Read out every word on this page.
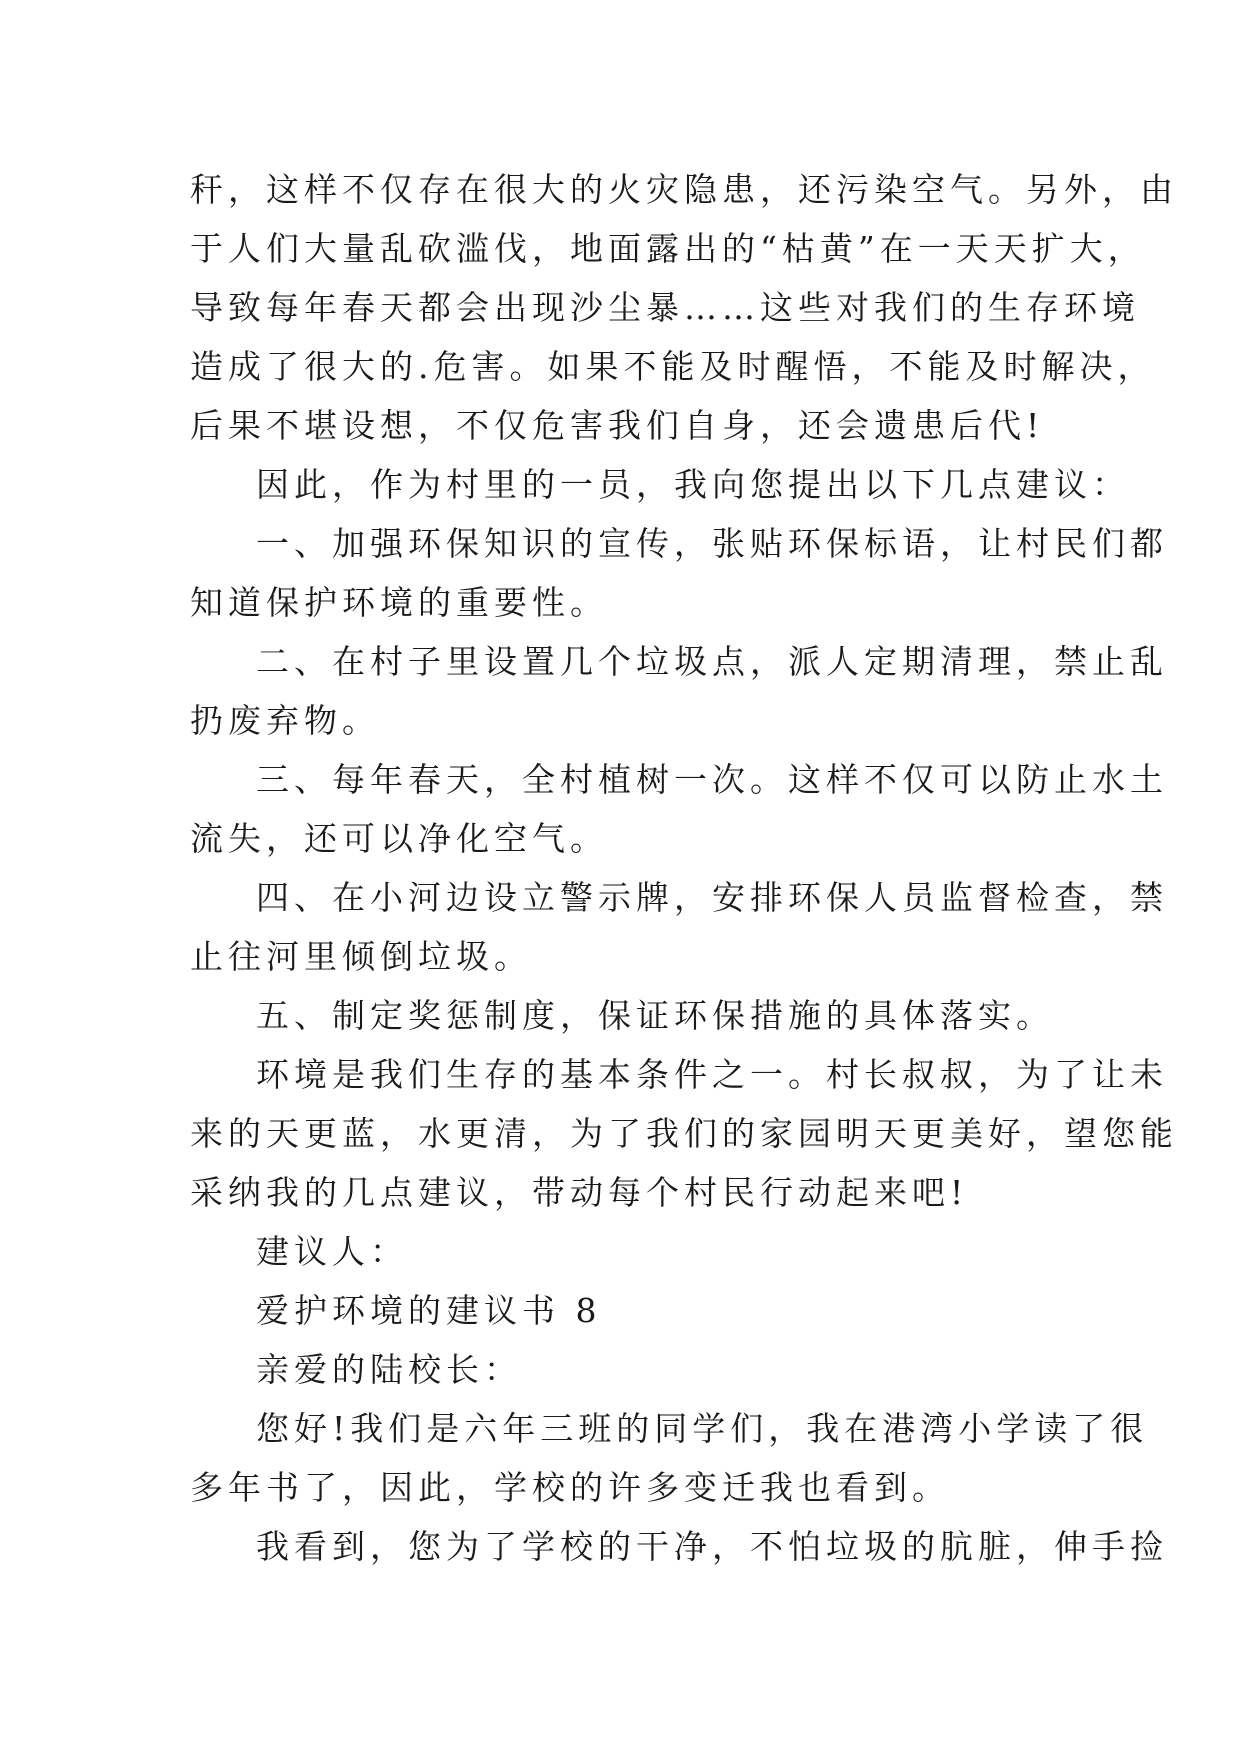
秆，这样不仅存在很大的火灾隐患，还污染空气。另外，由
于人们大量乱砍滥伐，地面露出的“枯黄”在一天天扩大，
导致每年春天都会出现沙尘暴……这些对我们的生存环境
造成了很大的.危害。如果不能及时醒悟，不能及时解决，
后果不堪设想，不仅危害我们自身，还会遗患后代!
因此，作为村里的一员，我向您提出以下几点建议：
一、加强环保知识的宣传，张贴环保标语，让村民们都
知道保护环境的重要性。
二、在村子里设置几个垃圾点，派人定期清理，禁止乱
扔废弃物。
三、每年春天，全村植树一次。这样不仅可以防止水土
流失，还可以净化空气。
四、在小河边设立警示牌，安排环保人员监督检查，禁
止往河里倾倒垃圾。
五、制定奖惩制度，保证环保措施的具体落实。
环境是我们生存的基本条件之一。村长叔叔，为了让未
来的天更蓝，水更清，为了我们的家园明天更美好，望您能
采纳我的几点建议，带动每个村民行动起来吧!
建议人：
爱护环境的建议书 8
亲爱的陆校长：
您好!我们是六年三班的同学们，我在港湾小学读了很
多年书了，因此，学校的许多变迁我也看到。
我看到，您为了学校的干净，不怕垃圾的肮脏，伸手捡
